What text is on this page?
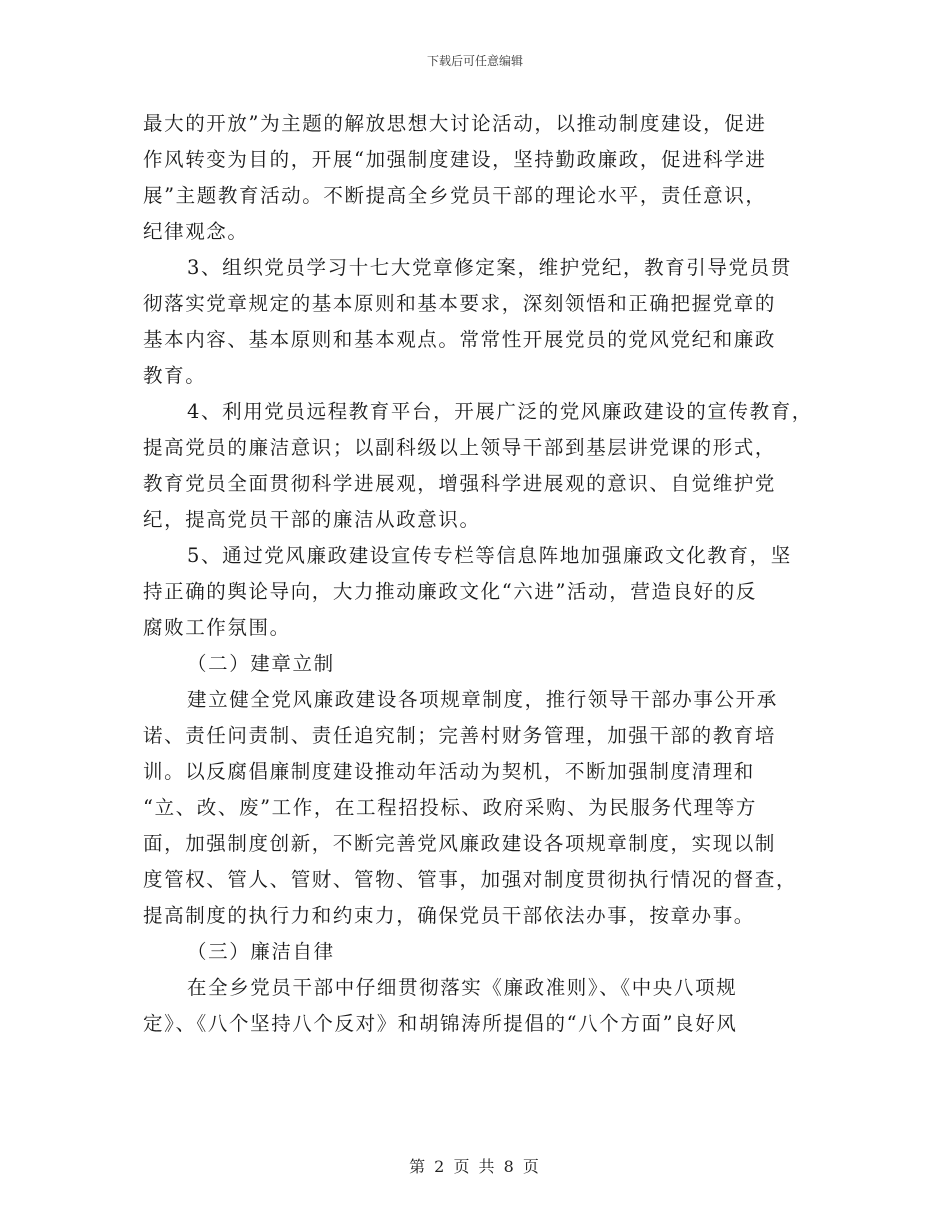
下载后可任意编辑
最大的开放”为主题的解放思想大讨论活动，以推动制度建设，促进
作风转变为目的，开展“加强制度建设，坚持勤政廉政，促进科学进
展”主题教育活动。不断提高全乡党员干部的理论水平，责任意识，
纪律观念。
3、组织党员学习十七大党章修定案，维护党纪，教育引导党员贯
彻落实党章规定的基本原则和基本要求，深刻领悟和正确把握党章的
基本内容、基本原则和基本观点。常常性开展党员的党风党纪和廉政
教育。
4、利用党员远程教育平台，开展广泛的党风廉政建设的宣传教育，
提高党员的廉洁意识；以副科级以上领导干部到基层讲党课的形式，
教育党员全面贯彻科学进展观，增强科学进展观的意识、自觉维护党
纪，提高党员干部的廉洁从政意识。
5、通过党风廉政建设宣传专栏等信息阵地加强廉政文化教育，坚
持正确的舆论导向，大力推动廉政文化“六进”活动，营造良好的反
腐败工作氛围。
（二）建章立制
建立健全党风廉政建设各项规章制度，推行领导干部办事公开承
诺、责任问责制、责任追究制；完善村财务管理，加强干部的教育培
训。以反腐倡廉制度建设推动年活动为契机，不断加强制度清理和
“立、改、废”工作，在工程招投标、政府采购、为民服务代理等方
面，加强制度创新，不断完善党风廉政建设各项规章制度，实现以制
度管权、管人、管财、管物、管事，加强对制度贯彻执行情况的督查，
提高制度的执行力和约束力，确保党员干部依法办事，按章办事。
（三）廉洁自律
在全乡党员干部中仔细贯彻落实《廉政准则》、《中央八项规
定》、《八个坚持八个反对》和胡锦涛所提倡的“八个方面”良好风
第 2 页 共 8 页
